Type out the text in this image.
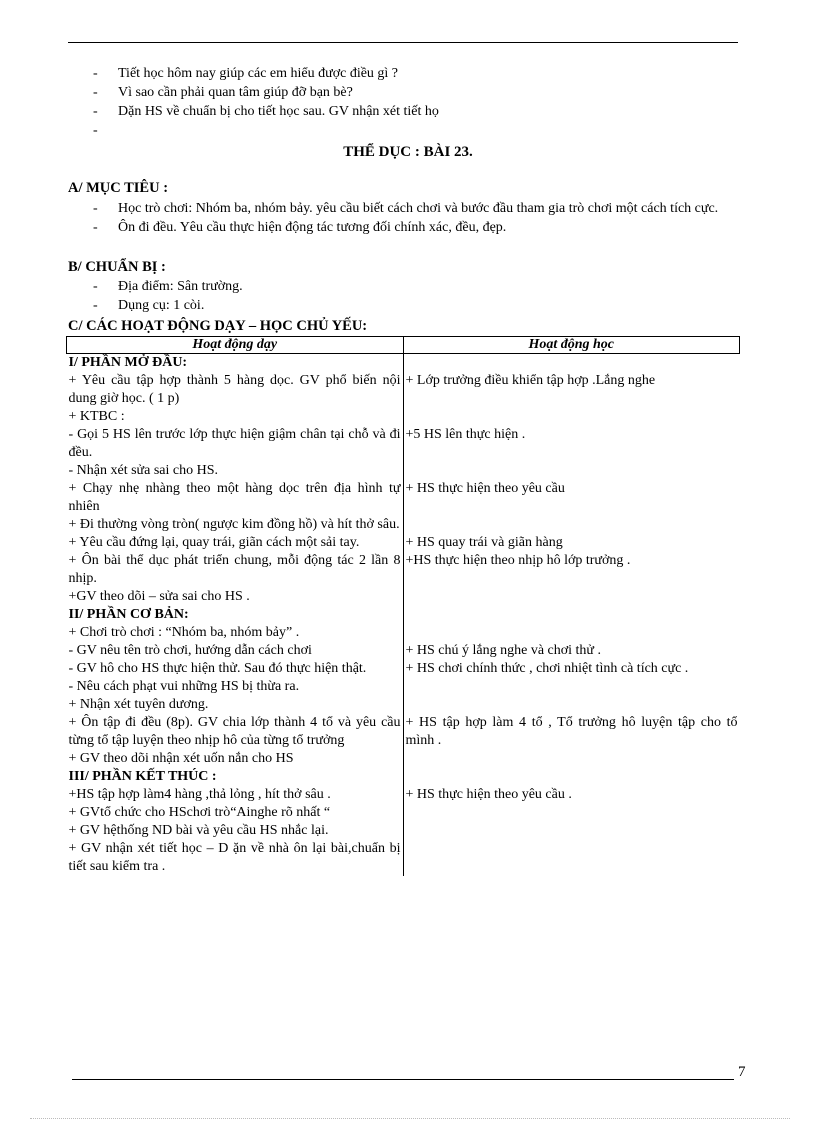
- Tiết học hôm nay giúp các em hiểu được điều gì ?
- Vì sao cần phải quan tâm giúp đỡ bạn bè?
- Dặn HS về chuẩn bị cho tiết học sau. GV nhận xét tiết họ
-
THỂ DỤC : BÀI 23.
A/ MỤC TIÊU :
- Học trò chơi: Nhóm ba, nhóm bảy. yêu cầu biết cách chơi và bước đầu tham gia trò chơi một cách tích cực.
- Ôn đi đều. Yêu cầu thực hiện động tác tương đối chính xác, đều, đẹp.
B/ CHUẨN BỊ :
- Địa điểm: Sân trường.
- Dụng cụ: 1 còi.
C/ CÁC HOẠT ĐỘNG DẠY – HỌC CHỦ YẾU:
Hoạt động dạy	Hoạt động học
I/ PHẦN MỞ ĐẦU:	
+ Yêu cầu tập hợp thành 5 hàng dọc. GV phổ biến nội dung giờ học. ( 1 p)	+ Lớp trưởng điều khiển tập hợp .Lắng nghe
+ KTBC :	
- Gọi 5 HS lên trước lớp thực hiện giậm chân tại chỗ và đi đều.	+5 HS lên thực hiện .
- Nhận xét sửa sai cho HS.	
+ Chạy nhẹ nhàng theo một hàng dọc trên địa hình tự nhiên	+ HS thực hiện theo yêu cầu
+ Đi thường vòng tròn( ngược kim đồng hồ) và hít thở sâu.	
+ Yêu cầu đứng lại, quay trái, giãn cách một sải tay.	+ HS quay trái và giãn hàng
+ Ôn bài thể dục phát triển chung, mỗi động tác 2 lần 8 nhịp.	+HS thực hiện theo nhịp hô lớp trưởng .
+GV theo dõi – sửa sai cho HS .	
II/ PHẦN CƠ BẢN:	
+ Chơi trò chơi : “Nhóm ba, nhóm bảy” .	
- GV nêu tên trò chơi, hướng dẫn cách chơi	+ HS chú ý lắng nghe và chơi thử .
- GV hô cho HS thực hiện thử. Sau đó thực hiện thật.	+ HS chơi chính thức , chơi nhiệt tình cà tích cực .
- Nêu cách phạt vui những HS bị thừa ra.	
+ Nhận xét tuyên dương.	
+ Ôn tập đi đều (8p). GV chia lớp thành 4 tổ và yêu cầu từng tổ tập luyện theo nhịp hô của từng tổ trưởng	+ HS tập hợp làm 4 tổ , Tổ trưởng hô luyện tập cho tổ mình .
+ GV theo dõi nhận xét uốn nắn cho HS	
III/ PHẦN KẾT THÚC :	
+HS tập hợp làm4 hàng ,thả lỏng , hít thở sâu .	+ HS thực hiện theo yêu cầu .
+ GVtổ chức cho HSchơi trò“Ainghe rõ nhất “	
+ GV hệthống ND bài và yêu cầu HS nhắc lại.	
+ GV nhận xét tiết học – D ặn về nhà ôn lại bài,chuẩn bị tiết sau kiểm tra .	
7
